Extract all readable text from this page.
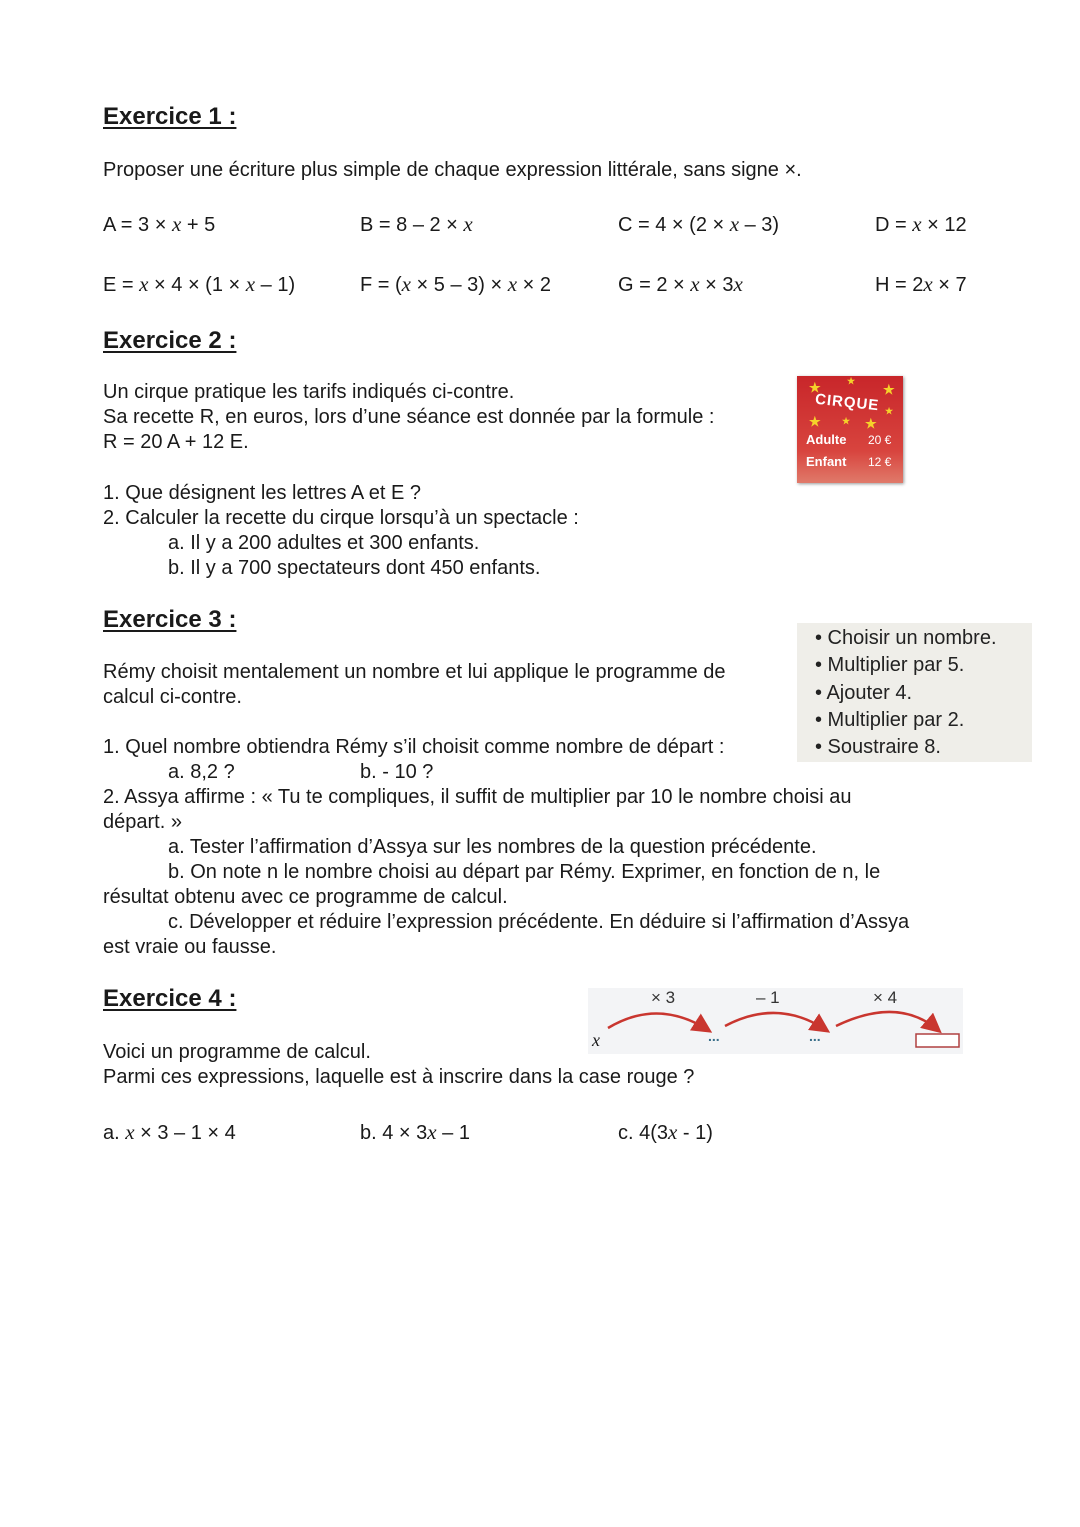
Exercice 1 :
Proposer une écriture plus simple de chaque expression littérale, sans signe ×.
A = 3 × x + 5	B = 8 – 2 × x	C = 4 × (2 × x – 3)	D = x × 12
E = x × 4 × (1 × x – 1)	F = (x × 5 – 3) × x × 2	G = 2 × x × 3x	H = 2x × 7
Exercice 2 :
Un cirque pratique les tarifs indiqués ci-contre.
Sa recette R, en euros, lors d’une séance est donnée par la formule :
R = 20 A + 12 E.
1. Que désignent les lettres A et E ?
2. Calculer la recette du cirque lorsqu’à un spectacle :
a. Il y a 200 adultes et 300 enfants.
b. Il y a 700 spectateurs dont 450 enfants.
★	★
★
★ ★ ★
★
CIRQUE
Adulte 20 €
Enfant 12 €
Exercice 3 :
Rémy choisit mentalement un nombre et lui applique le programme de
calcul ci-contre.
1. Quel nombre obtiendra Rémy s’il choisit comme nombre de départ :
a. 8,2 ?	b. - 10 ?
2. Assya affirme : « Tu te compliques, il suffit de multiplier par 10 le nombre choisi au
départ. »
a. Tester l’affirmation d’Assya sur les nombres de la question précédente.
b. On note n le nombre choisi au départ par Rémy. Exprimer, en fonction de n, le
résultat obtenu avec ce programme de calcul.
c. Développer et réduire l’expression précédente. En déduire si l’affirmation d’Assya
est vraie ou fausse.
• Choisir un nombre.
• Multiplier par 5.
• Ajouter 4.
• Multiplier par 2.
• Soustraire 8.
Exercice 4 :
Voici un programme de calcul.
Parmi ces expressions, laquelle est à inscrire dans la case rouge ?
x
× 3	– 1	× 4
...	...
a. x × 3 – 1 × 4	b. 4 × 3x – 1	c. 4(3x - 1)
